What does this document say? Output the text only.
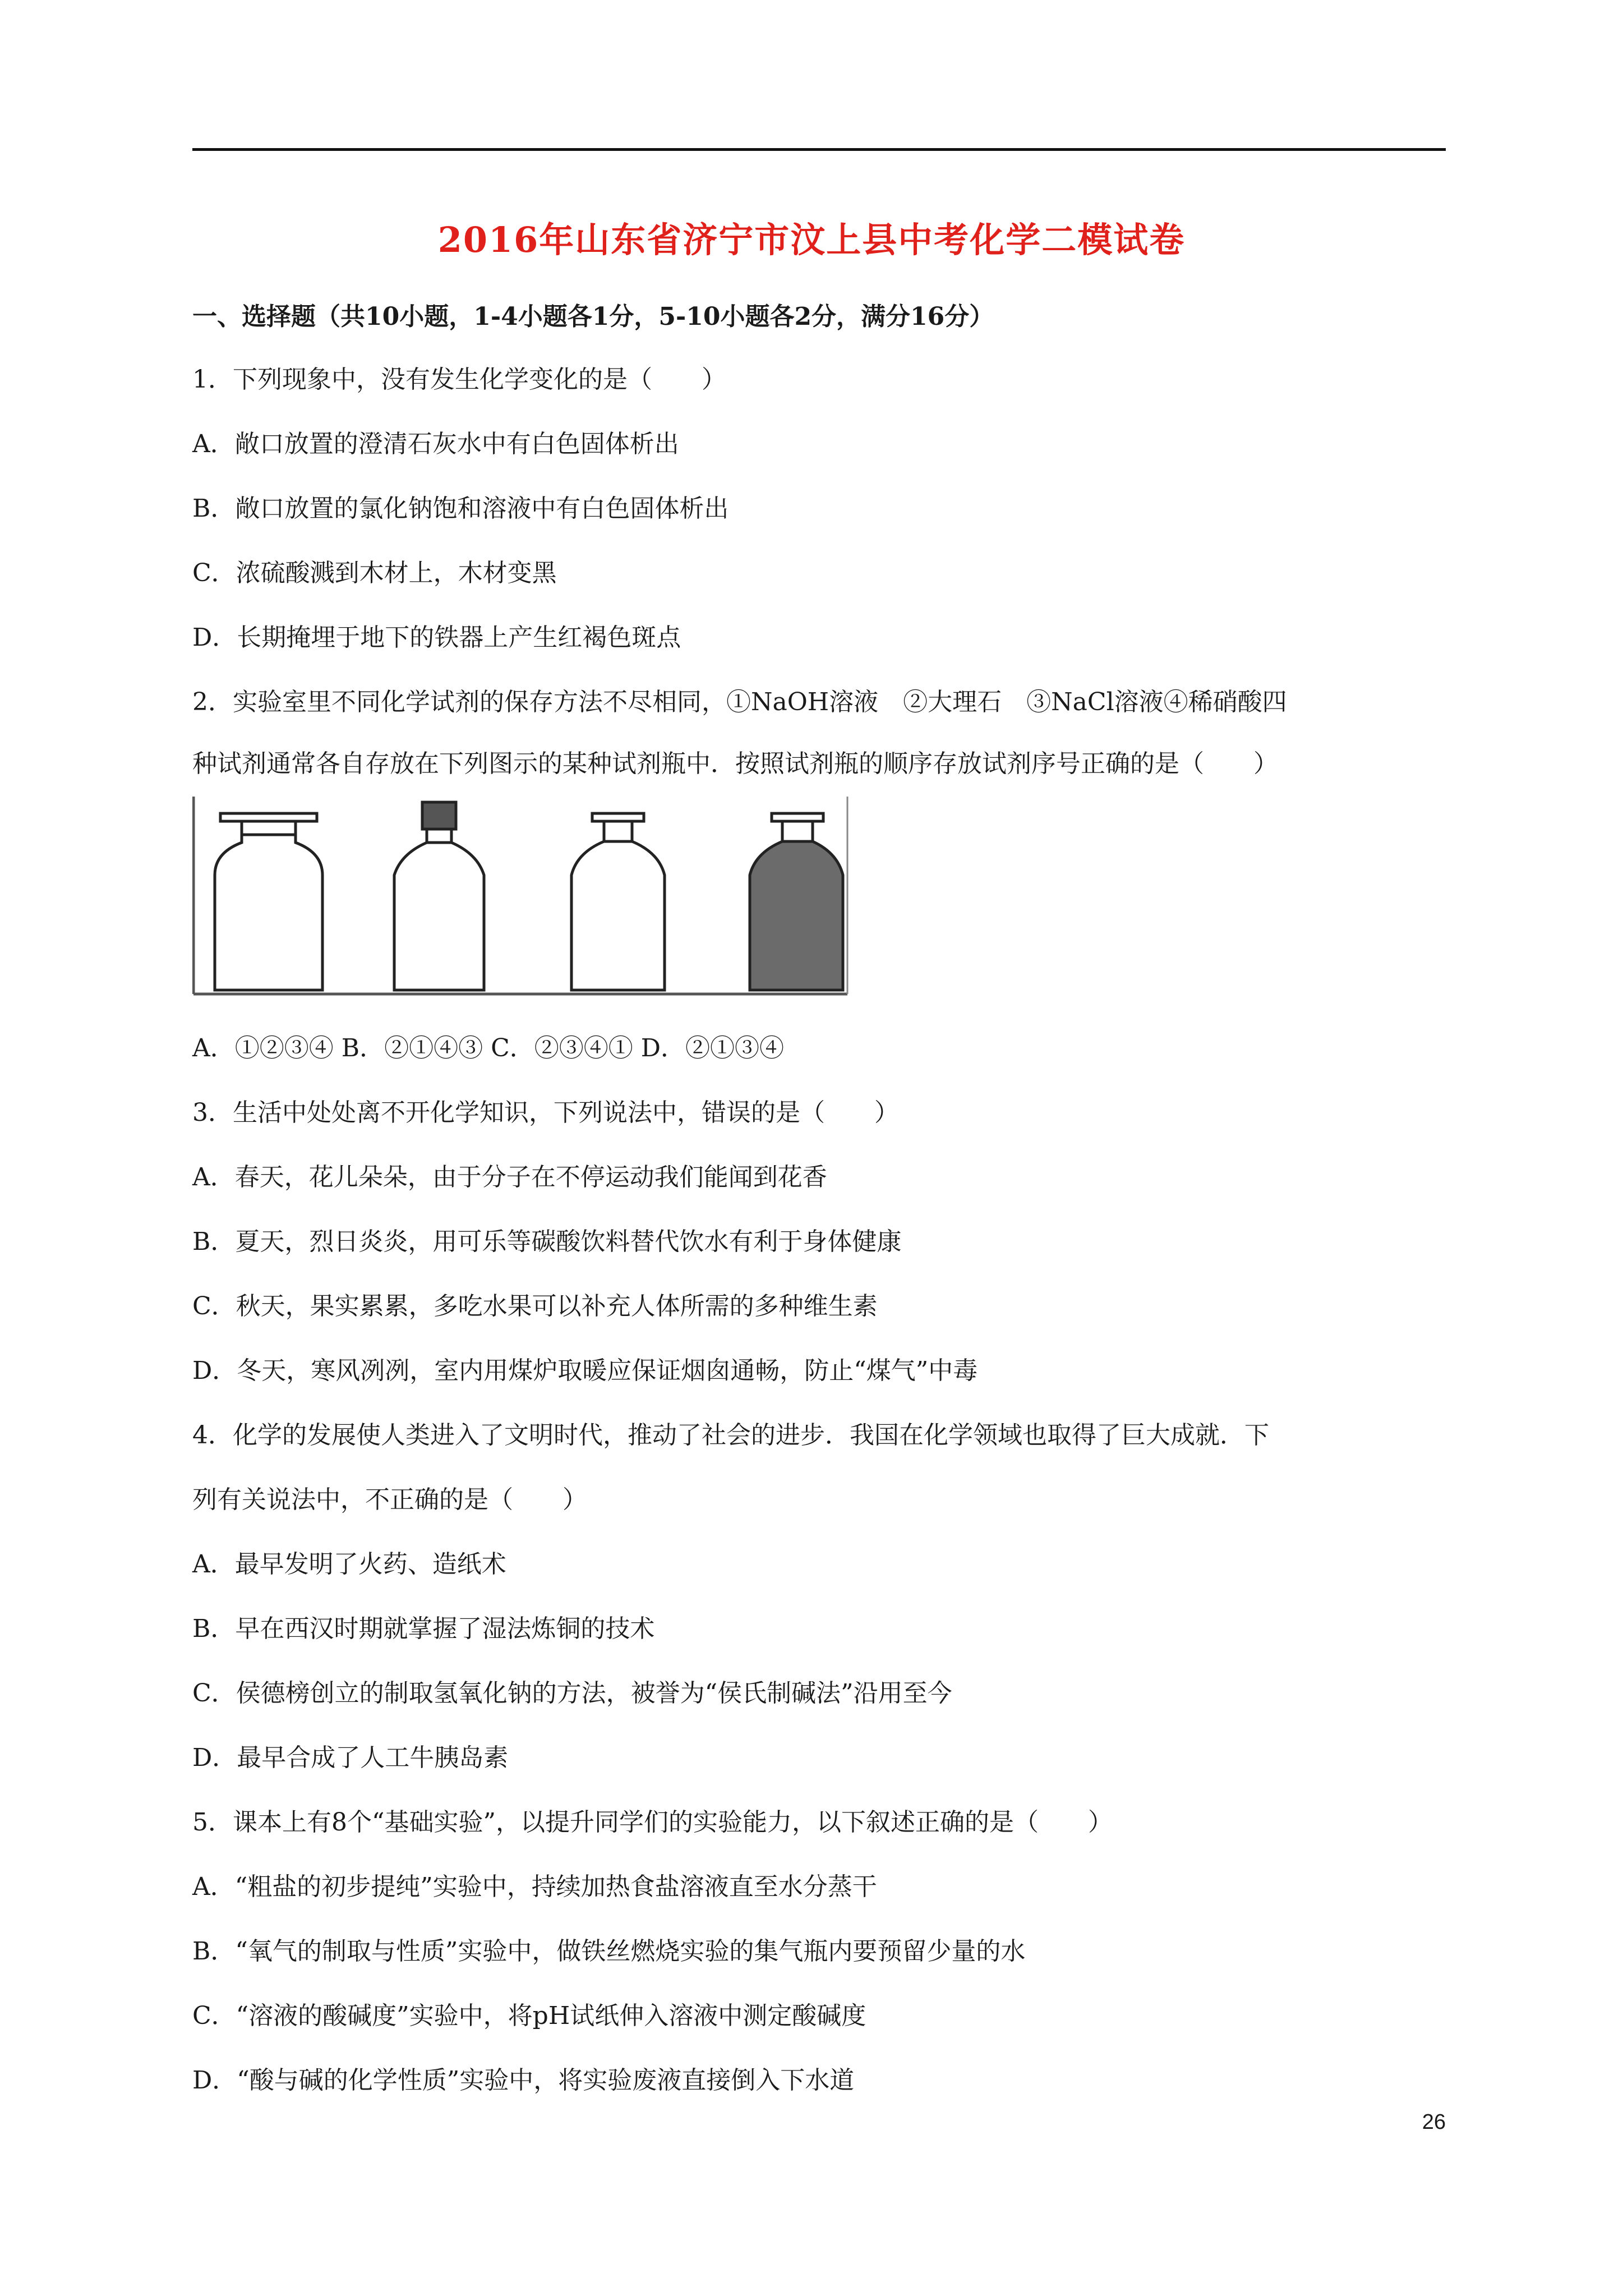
2016年山东省济宁市汶上县中考化学二模试卷
一、选择题（共10小题，1-4小题各1分，5-10小题各2分，满分16分）
1．下列现象中，没有发生化学变化的是（　　）
A．敞口放置的澄清石灰水中有白色固体析出
B．敞口放置的氯化钠饱和溶液中有白色固体析出
C．浓硫酸溅到木材上，木材变黑
D．长期掩埋于地下的铁器上产生红褐色斑点
2．实验室里不同化学试剂的保存方法不尽相同，①NaOH溶液　②大理石　③NaCl溶液④稀硝酸四
种试剂通常各自存放在下列图示的某种试剂瓶中．按照试剂瓶的顺序存放试剂序号正确的是（　　）
A．①②③④ B．②①④③ C．②③④① D．②①③④
3．生活中处处离不开化学知识，下列说法中，错误的是（　　）
A．春天，花儿朵朵，由于分子在不停运动我们能闻到花香
B．夏天，烈日炎炎，用可乐等碳酸饮料替代饮水有利于身体健康
C．秋天，果实累累，多吃水果可以补充人体所需的多种维生素
D．冬天，寒风冽冽，室内用煤炉取暖应保证烟囱通畅，防止“煤气”中毒
4．化学的发展使人类进入了文明时代，推动了社会的进步．我国在化学领域也取得了巨大成就．下
列有关说法中，不正确的是（　　）
A．最早发明了火药、造纸术
B．早在西汉时期就掌握了湿法炼铜的技术
C．侯德榜创立的制取氢氧化钠的方法，被誉为“侯氏制碱法”沿用至今
D．最早合成了人工牛胰岛素
5．课本上有8个“基础实验”，以提升同学们的实验能力，以下叙述正确的是（　　）
A．“粗盐的初步提纯”实验中，持续加热食盐溶液直至水分蒸干
B．“氧气的制取与性质”实验中，做铁丝燃烧实验的集气瓶内要预留少量的水
C．“溶液的酸碱度”实验中，将pH试纸伸入溶液中测定酸碱度
D．“酸与碱的化学性质”实验中，将实验废液直接倒入下水道
26
